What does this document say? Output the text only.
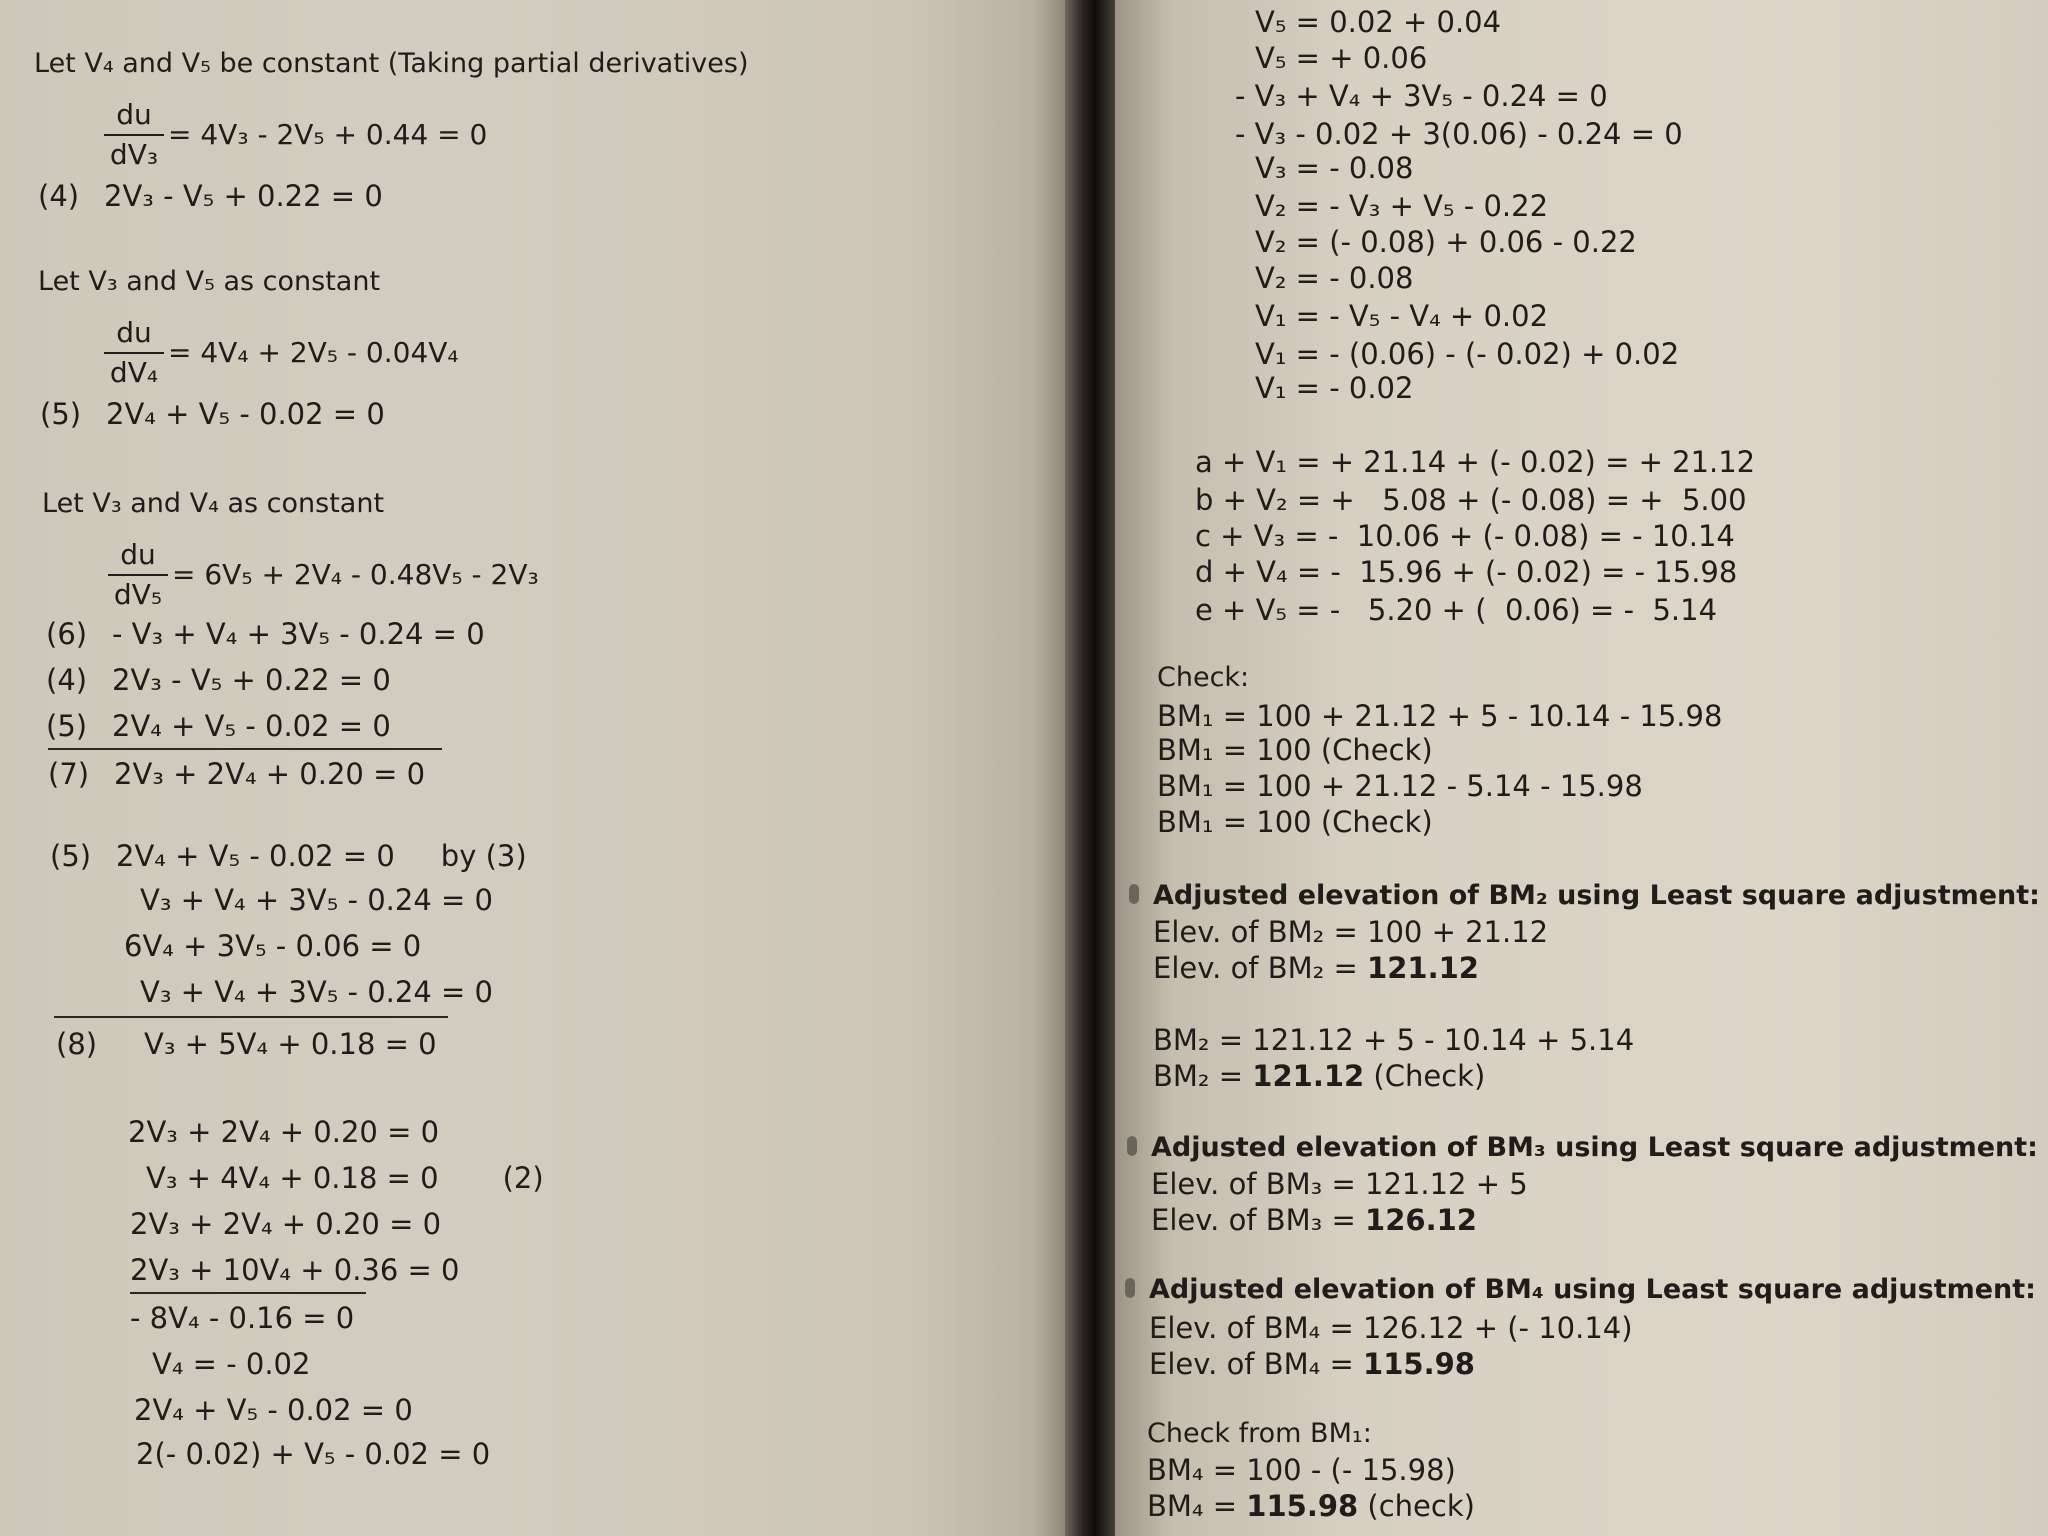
Let V₄ and V₅ be constant (Taking partial derivatives)
du
dV₃
= 4V₃ - 2V₅ + 0.44 = 0
(4) 2V₃ - V₅ + 0.22 = 0
Let V₃ and V₅ as constant
du
dV₄
= 4V₄ + 2V₅ - 0.04V₄
(5) 2V₄ + V₅ - 0.02 = 0
Let V₃ and V₄ as constant
du
dV₅
= 6V₅ + 2V₄ - 0.48V₅ - 2V₃
(6) - V₃ + V₄ + 3V₅ - 0.24 = 0
(4) 2V₃ - V₅ + 0.22 = 0
(5) 2V₄ + V₅ - 0.02 = 0
(7) 2V₃ + 2V₄ + 0.20 = 0
(5) 2V₄ + V₅ - 0.02 = 0 by (3)
V₃ + V₄ + 3V₅ - 0.24 = 0
6V₄ + 3V₅ - 0.06 = 0
V₃ + V₄ + 3V₅ - 0.24 = 0
(8) V₃ + 5V₄ + 0.18 = 0
2V₃ + 2V₄ + 0.20 = 0
V₃ + 4V₄ + 0.18 = 0 (2)
2V₃ + 2V₄ + 0.20 = 0
2V₃ + 10V₄ + 0.36 = 0
- 8V₄ - 0.16 = 0
V₄ = - 0.02
2V₄ + V₅ - 0.02 = 0
2(- 0.02) + V₅ - 0.02 = 0
V₅ = 0.02 + 0.04
V₅ = + 0.06
- V₃ + V₄ + 3V₅ - 0.24 = 0
- V₃ - 0.02 + 3(0.06) - 0.24 = 0
V₃ = - 0.08
V₂ = - V₃ + V₅ - 0.22
V₂ = (- 0.08) + 0.06 - 0.22
V₂ = - 0.08
V₁ = - V₅ - V₄ + 0.02
V₁ = - (0.06) - (- 0.02) + 0.02
V₁ = - 0.02
a + V₁ = + 21.14 + (- 0.02) = + 21.12
b + V₂ = +   5.08 + (- 0.08) = +  5.00
c + V₃ = -  10.06 + (- 0.08) = - 10.14
d + V₄ = -  15.96 + (- 0.02) = - 15.98
e + V₅ = -   5.20 + (  0.06) = -  5.14
Check:
BM₁ = 100 + 21.12 + 5 - 10.14 - 15.98
BM₁ = 100 (Check)
BM₁ = 100 + 21.12 - 5.14 - 15.98
BM₁ = 100 (Check)
Adjusted elevation of BM₂ using Least square adjustment:
Elev. of BM₂ = 100 + 21.12
Elev. of BM₂ = 121.12
BM₂ = 121.12 + 5 - 10.14 + 5.14
BM₂ = 121.12 (Check)
Adjusted elevation of BM₃ using Least square adjustment:
Elev. of BM₃ = 121.12 + 5
Elev. of BM₃ = 126.12
Adjusted elevation of BM₄ using Least square adjustment:
Elev. of BM₄ = 126.12 + (- 10.14)
Elev. of BM₄ = 115.98
Check from BM₁:
BM₄ = 100 - (- 15.98)
BM₄ = 115.98 (check)
